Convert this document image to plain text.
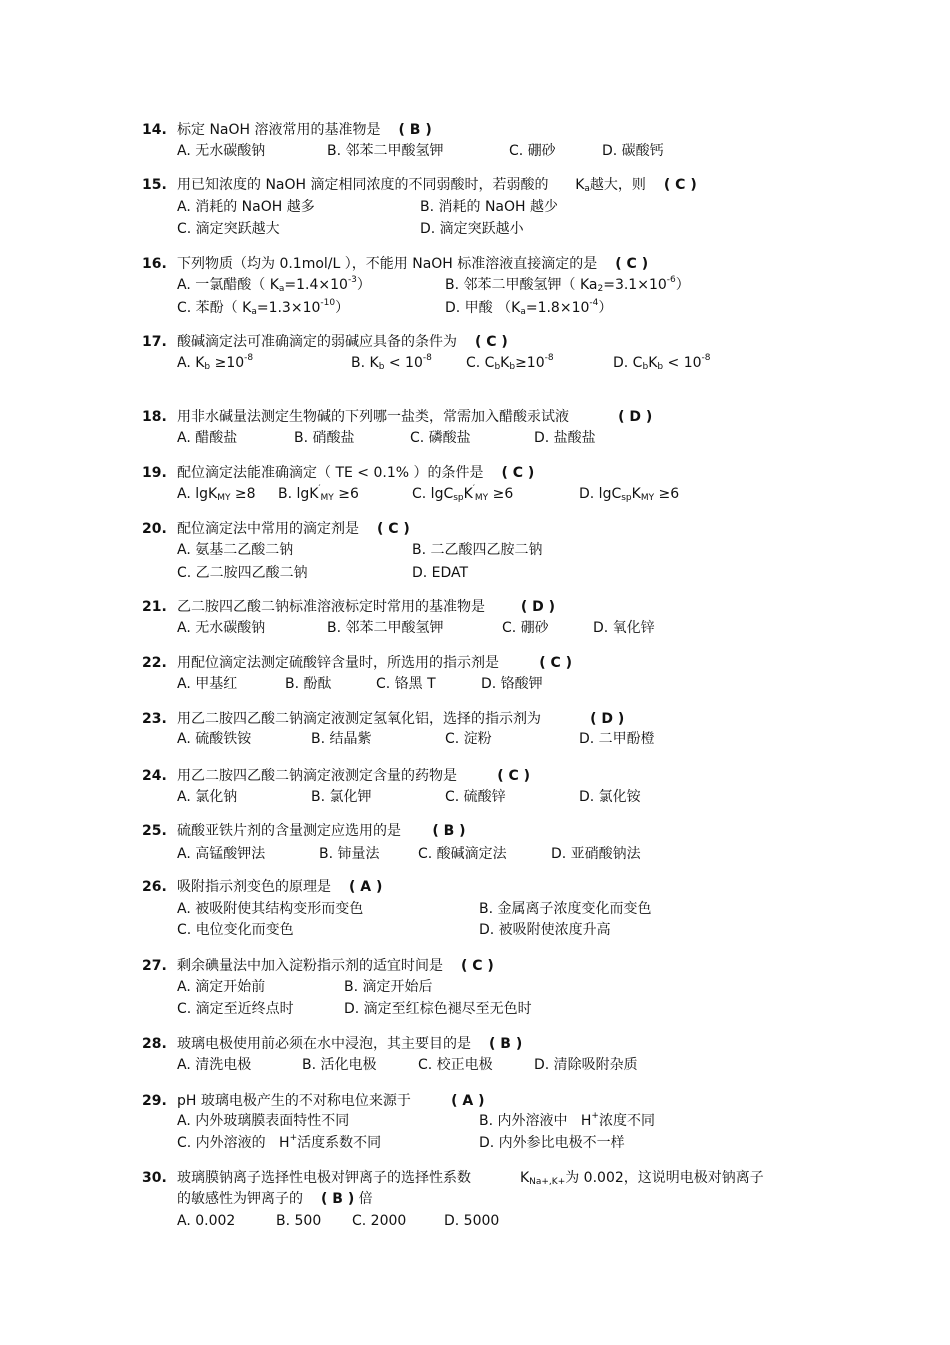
14. 标定 NaOH 溶液常用的基准物是 ( B )
A. 无水碳酸钠	B. 邻苯二甲酸氢钾	C. 硼砂	D. 碳酸钙
15. 用已知浓度的 NaOH 滴定相同浓度的不同弱酸时，若弱酸的 $K_a$越大，则 ( C )
A. 消耗的 NaOH 越多	B. 消耗的 NaOH 越少
C. 滴定突跃越大	D. 滴定突跃越小
16. 下列物质（均为 0.1mol/L ），不能用 NaOH 标准溶液直接滴定的是 ( C )
A. 一氯醋酸（ $K_a=1.4\times 10^{-3}$）	B. 邻苯二甲酸氢钾（ $Ka_2=3.1\times 10^{-6}$）
C. 苯酚（ $K_a=1.3\times 10^{-10}$）	D. 甲酸 $(K_a=1.8\times 10^{-4})$
17. 酸碱滴定法可准确滴定的弱碱应具备的条件为 ( C )
A. $K_b \ge 10^{-8}$	B. $K_b < 10^{-8}$ C. $C_bK_b\ge 10^{-8}$	D. $C_bK_b < 10^{-8}$
18. 用非水碱量法测定生物碱的下列哪一盐类，常需加入醋酸汞试液	( D )
A. 醋酸盐	B. 硝酸盐	C. 磷酸盐	D. 盐酸盐
19. 配位滴定法能准确滴定（ TE < 0.1% ）的条件是 ( C )
A. lgK$_{MY}$ ≥8 B. lgK′$_{MY}$ ≥6	C. $\lg C_{sp}K'_{MY} \ge 6$	D. $\lg C_{sp}K_{MY} \ge 6$
20. 配位滴定法中常用的滴定剂是 ( C )
A. 氨基二乙酸二钠	B. 二乙酸四乙胺二钠
C. 乙二胺四乙酸二钠	D. EDAT
21. 乙二胺四乙酸二钠标准溶液标定时常用的基准物是	( D )
A. 无水碳酸钠	B. 邻苯二甲酸氢钾	C. 硼砂	D. 氧化锌
22. 用配位滴定法测定硫酸锌含量时，所选用的指示剂是	( C )
A. 甲基红	B. 酚酞	C. 铬黑 T	D. 铬酸钾
23. 用乙二胺四乙酸二钠滴定液测定氢氧化铝，选择的指示剂为	( D )
A. 硫酸铁铵	B. 结晶紫	C. 淀粉	D. 二甲酚橙
24. 用乙二胺四乙酸二钠滴定液测定含量的药物是	( C )
A. 氯化钠	B. 氯化钾	C. 硫酸锌	D. 氯化铵
25. 硫酸亚铁片剂的含量测定应选用的是 ( B )
A. 高锰酸钾法	B. 铈量法	C. 酸碱滴定法	D. 亚硝酸钠法
26. 吸附指示剂变色的原理是 ( A )
A. 被吸附使其结构变形而变色	B. 金属离子浓度变化而变色
C. 电位变化而变色	D. 被吸附使浓度升高
27. 剩余碘量法中加入淀粉指示剂的适宜时间是 ( C )
A. 滴定开始前	B. 滴定开始后
C. 滴定至近终点时	D. 滴定至红棕色褪尽至无色时
28. 玻璃电极使用前必须在水中浸泡，其主要目的是 ( B )
A. 清洗电极	B. 活化电极	C. 校正电极	D. 清除吸附杂质
29. pH 玻璃电极产生的不对称电位来源于	( A )
A. 内外玻璃膜表面特性不同	B. 内外溶液中 H+浓度不同
C. 内外溶液的 H+活度系数不同	D. 内外参比电极不一样
30. 玻璃膜钠离子选择性电极对钾离子的选择性系数	$K_{Na+,K+}$为 0.002，这说明电极对钠离子
的敏感性为钾离子的 ( B ) 倍
A. 0.002	B. 500 C. 2000	D. 5000
